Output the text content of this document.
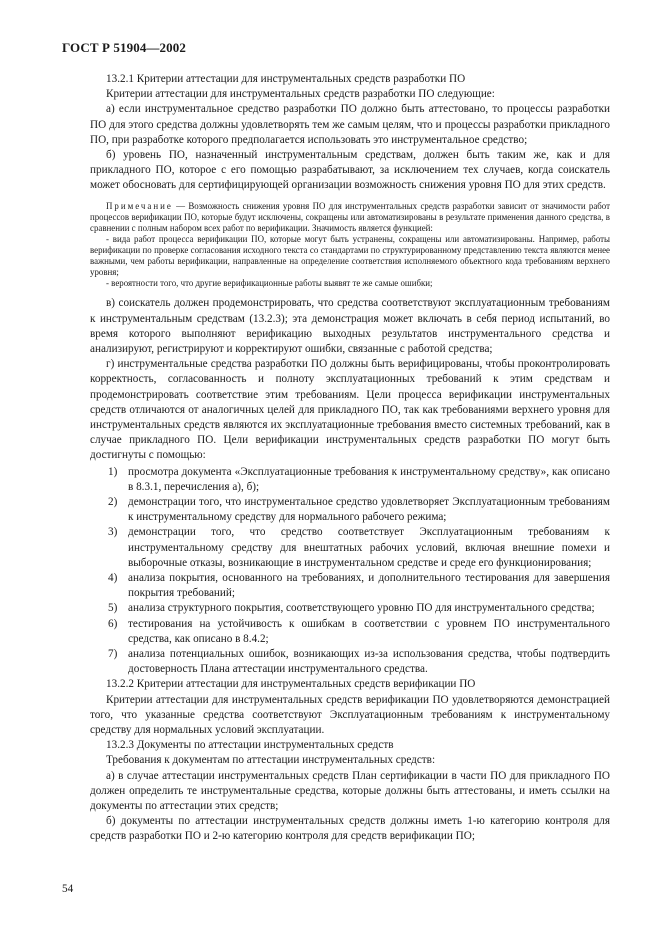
ГОСТ Р 51904—2002

13.2.1 Критерии аттестации для инструментальных средств разработки ПО

Критерии аттестации для инструментальных средств разработки ПО следующие:

а) если инструментальное средство разработки ПО должно быть аттестовано, то процессы разработки ПО для этого средства должны удовлетворять тем же самым целям, что и процессы разработки прикладного ПО, при разработке которого предполагается использовать это инструментальное средство;

б) уровень ПО, назначенный инструментальным средствам, должен быть таким же, как и для прикладного ПО, которое с его помощью разрабатывают, за исключением тех случаев, когда соискатель может обосновать для сертифицирующей организации возможность снижения уровня ПО для этих средств.

Примечание — Возможность снижения уровня ПО для инструментальных средств разработки зависит от значимости работ процессов верификации ПО, которые будут исключены, сокращены или автоматизированы в результате применения данного средства, в сравнении с полным набором всех работ по верификации. Значимость является функцией:

- вида работ процесса верификации ПО, которые могут быть устранены, сокращены или автоматизированы. Например, работы верификации по проверке согласования исходного текста со стандартами по структурированному представлению текста являются менее важными, чем работы верификации, направленные на определение соответствия исполняемого объектного кода требованиям верхнего уровня;

- вероятности того, что другие верификационные работы выявят те же самые ошибки;

в) соискатель должен продемонстрировать, что средства соответствуют эксплуатационным требованиям к инструментальным средствам (13.2.3); эта демонстрация может включать в себя период испытаний, во время которого выполняют верификацию выходных результатов инструментального средства и анализируют, регистрируют и корректируют ошибки, связанные с работой средства;

г) инструментальные средства разработки ПО должны быть верифицированы, чтобы проконтролировать корректность, согласованность и полноту эксплуатационных требований к этим средствам и продемонстрировать соответствие этим требованиям. Цели процесса верификации инструментальных средств отличаются от аналогичных целей для прикладного ПО, так как требованиями верхнего уровня для инструментальных средств являются их эксплуатационные требования вместо системных требований, как в случае прикладного ПО. Цели верификации инструментальных средств разработки ПО могут быть достигнуты с помощью:

1) просмотра документа «Эксплуатационные требования к инструментальному средству», как описано в 8.3.1, перечисления а), б);
2) демонстрации того, что инструментальное средство удовлетворяет Эксплуатационным требованиям к инструментальному средству для нормального рабочего режима;
3) демонстрации того, что средство соответствует Эксплуатационным требованиям к инструментальному средству для внештатных рабочих условий, включая внешние помехи и выборочные отказы, возникающие в инструментальном средстве и среде его функционирования;
4) анализа покрытия, основанного на требованиях, и дополнительного тестирования для завершения покрытия требований;
5) анализа структурного покрытия, соответствующего уровню ПО для инструментального средства;
6) тестирования на устойчивость к ошибкам в соответствии с уровнем ПО инструментального средства, как описано в 8.4.2;
7) анализа потенциальных ошибок, возникающих из-за использования средства, чтобы подтвердить достоверность Плана аттестации инструментального средства.

13.2.2 Критерии аттестации для инструментальных средств верификации ПО

Критерии аттестации для инструментальных средств верификации ПО удовлетворяются демонстрацией того, что указанные средства соответствуют Эксплуатационным требованиям к инструментальному средству для нормальных условий эксплуатации.

13.2.3 Документы по аттестации инструментальных средств

Требования к документам по аттестации инструментальных средств:

а) в случае аттестации инструментальных средств План сертификации в части ПО для прикладного ПО должен определить те инструментальные средства, которые должны быть аттестованы, и иметь ссылки на документы по аттестации этих средств;

б) документы по аттестации инструментальных средств должны иметь 1-ю категорию контроля для средств разработки ПО и 2-ю категорию контроля для средств верификации ПО;

54
